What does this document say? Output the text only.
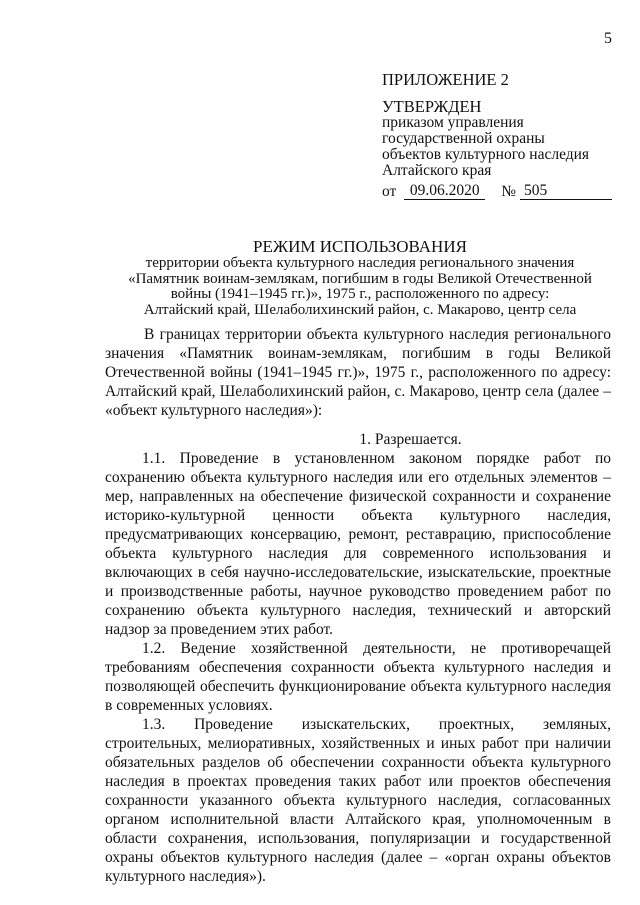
5
ПРИЛОЖЕНИЕ 2
УТВЕРЖДЕН
приказом управления
государственной охраны
объектов культурного наследия
Алтайского края
от 09.06.2020	№ 505
РЕЖИМ ИСПОЛЬЗОВАНИЯ
территории объекта культурного наследия регионального значения
«Памятник воинам-землякам, погибшим в годы Великой Отечественной
войны (1941–1945 гг.)», 1975 г., расположенного по адресу:
Алтайский край, Шелаболихинский район, с. Макарово, центр села

В границах территории объекта культурного наследия регионального значения «Памятник воинам-землякам, погибшим в годы Великой Отечественной войны (1941–1945 гг.)», 1975 г., расположенного по адресу: Алтайский край, Шелаболихинский район, с. Макарово, центр села (далее – «объект культурного наследия»):

1. Разрешается.

1.1. Проведение в установленном законом порядке работ по сохранению объекта культурного наследия или его отдельных элементов – мер, направленных на обеспечение физической сохранности и сохранение историко-культурной ценности объекта культурного наследия, предусматривающих консервацию, ремонт, реставрацию, приспособление объекта культурного наследия для современного использования и включающих в себя научно-исследовательские, изыскательские, проектные и производственные работы, научное руководство проведением работ по сохранению объекта культурного наследия, технический и авторский надзор за проведением этих работ.

1.2. Ведение хозяйственной деятельности, не противоречащей требованиям обеспечения сохранности объекта культурного наследия и позволяющей обеспечить функционирование объекта культурного наследия в современных условиях.

1.3. Проведение изыскательских, проектных, земляных, строительных, мелиоративных, хозяйственных и иных работ при наличии обязательных разделов об обеспечении сохранности объекта культурного наследия в проектах проведения таких работ или проектов обеспечения сохранности указанного объекта культурного наследия, согласованных органом исполнительной власти Алтайского края, уполномоченным в области сохранения, использования, популяризации и государственной охраны объектов культурного наследия (далее – «орган охраны объектов культурного наследия»).
